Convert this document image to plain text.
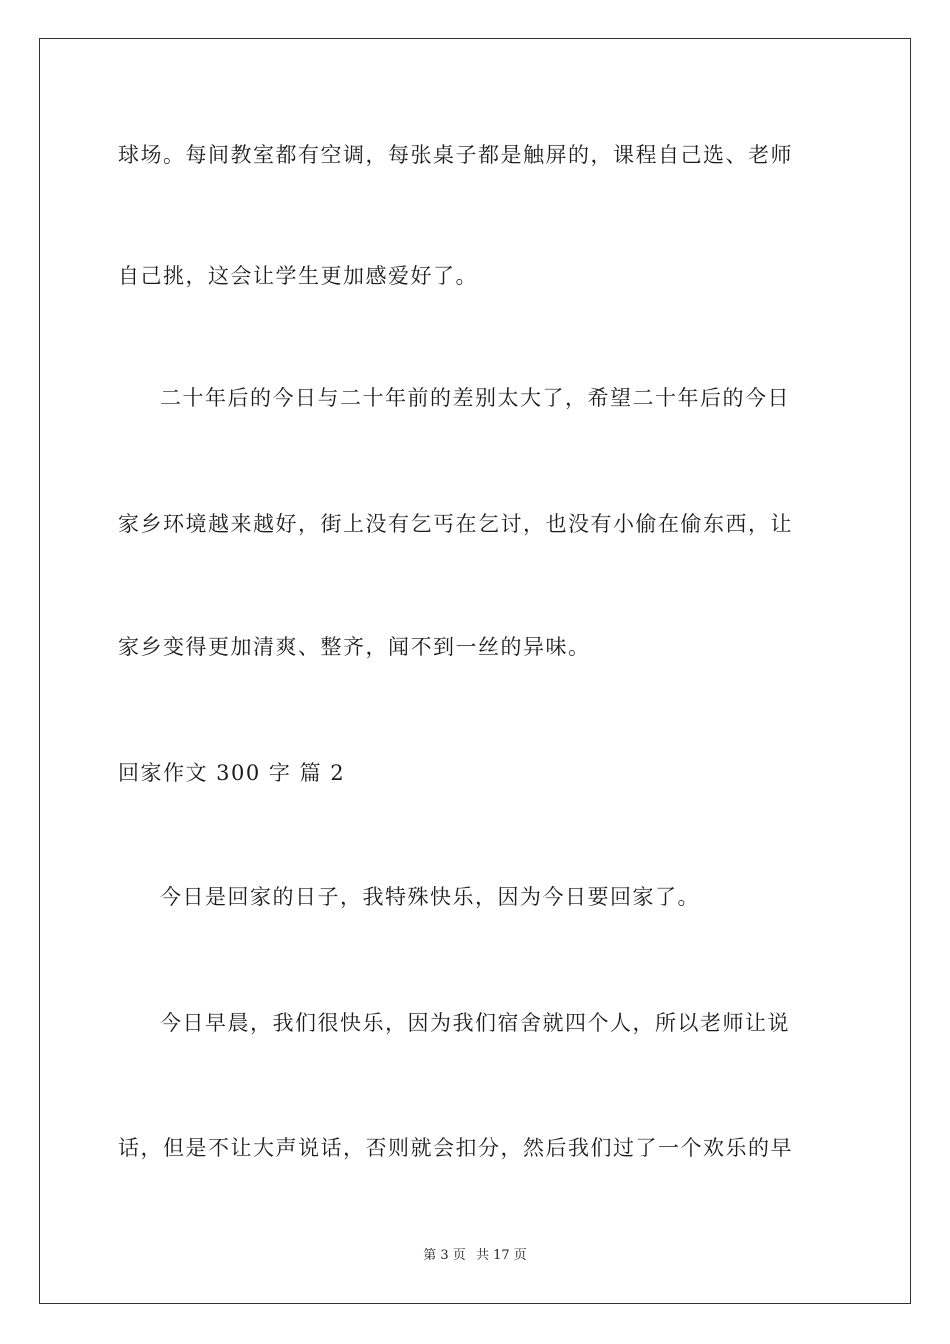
球场。每间教室都有空调，每张桌子都是触屏的，课程自己选、老师
自己挑，这会让学生更加感爱好了。
二十年后的今日与二十年前的差别太大了，希望二十年后的今日
家乡环境越来越好，街上没有乞丐在乞讨，也没有小偷在偷东西，让
家乡变得更加清爽、整齐，闻不到一丝的异味。
回家作文 300 字 篇 2
今日是回家的日子，我特殊快乐，因为今日要回家了。
今日早晨，我们很快乐，因为我们宿舍就四个人，所以老师让说
话，但是不让大声说话，否则就会扣分，然后我们过了一个欢乐的早
第 3 页 共 17 页
